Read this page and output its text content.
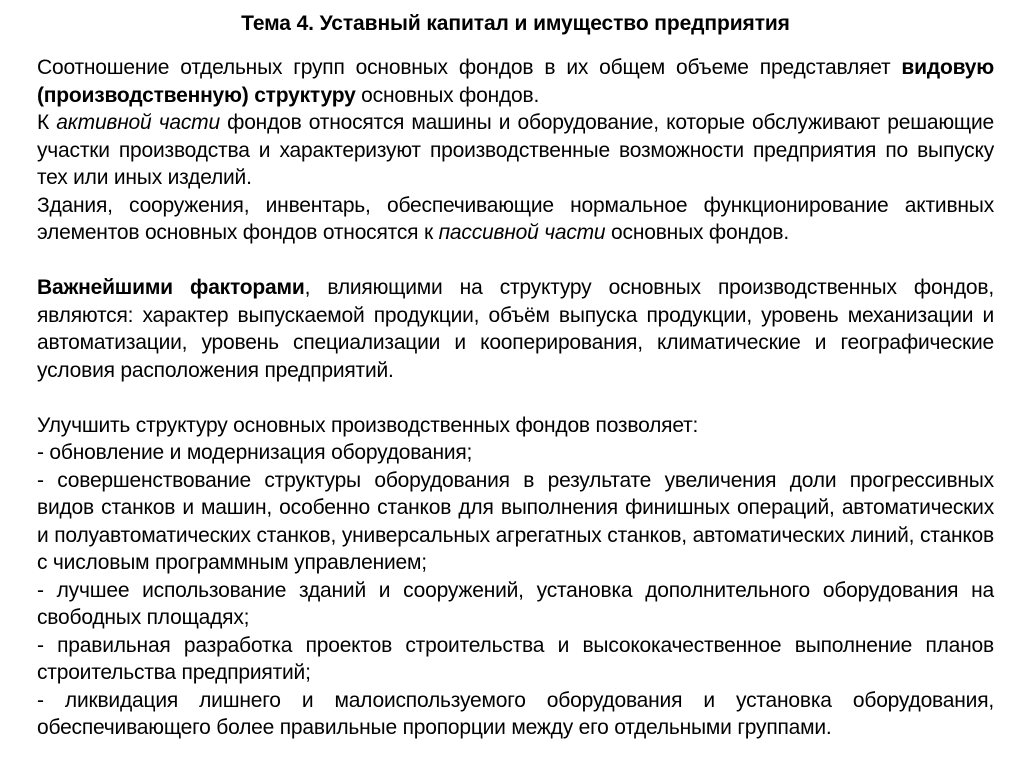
Тема 4. Уставный капитал и имущество предприятия

Соотношение отдельных групп основных фондов в их общем объеме представляет видовую (производственную) структуру основных фондов.

К активной части фондов относятся машины и оборудование, которые обслуживают решающие участки производства и характеризуют производственные возможности предприятия по выпуску тех или иных изделий.

Здания, сооружения, инвентарь, обеспечивающие нормальное функционирование активных элементов основных фондов относятся к пассивной части основных фондов.

Важнейшими факторами, влияющими на структуру основных производственных фондов, являются: характер выпускаемой продукции, объём выпуска продукции, уровень механизации и автоматизации, уровень специализации и кооперирования, климатические и географические условия расположения предприятий.

Улучшить структуру основных производственных фондов позволяет:

- обновление и модернизация оборудования;

- совершенствование структуры оборудования в результате увеличения доли прогрессивных видов станков и машин, особенно станков для выполнения финишных операций, автоматических и полуавтоматических станков, универсальных агрегатных станков, автоматических линий, станков с числовым программным управлением;

- лучшее использование зданий и сооружений, установка дополнительного оборудования на свободных площадях;

- правильная разработка проектов строительства и высококачественное выполнение планов строительства предприятий;

- ликвидация лишнего и малоиспользуемого оборудования и установка оборудования, обеспечивающего более правильные пропорции между его отдельными группами.
